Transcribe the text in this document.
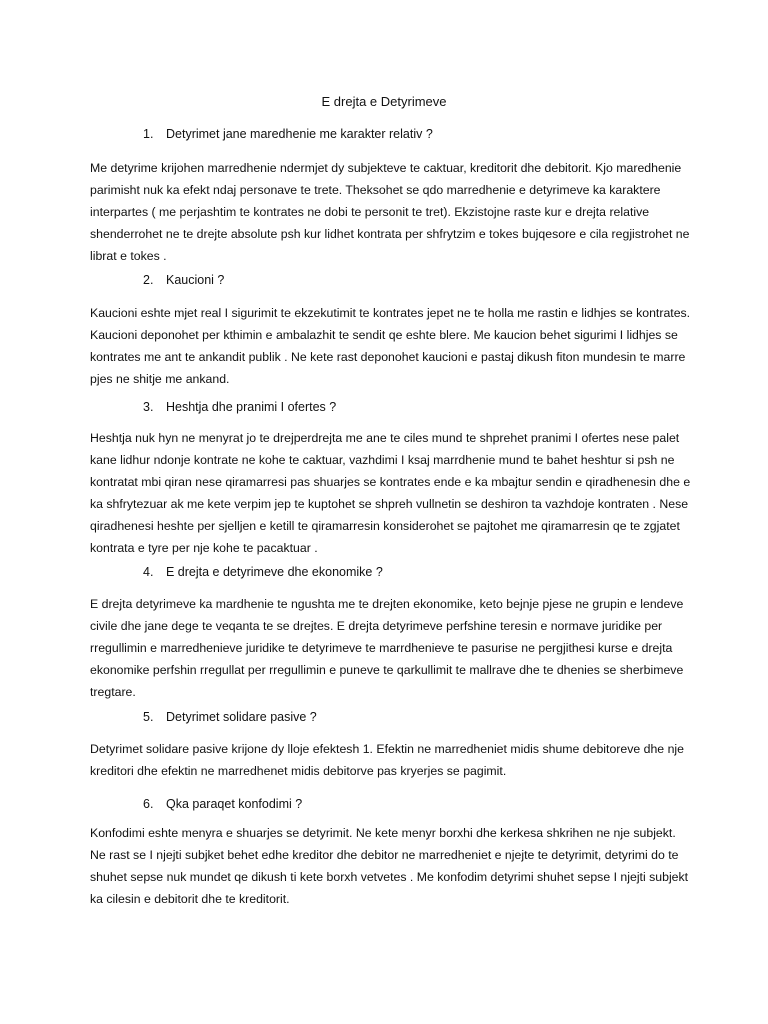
E drejta e Detyrimeve
1. Detyrimet jane maredhenie me karakter relativ ?
Me detyrime krijohen marredhenie ndermjet dy subjekteve te caktuar, kreditorit dhe debitorit. Kjo maredhenie parimisht nuk ka efekt ndaj personave te trete. Theksohet se qdo marredhenie e detyrimeve ka karaktere interpartes ( me perjashtim te kontrates ne dobi te personit te tret). Ekzistojne raste kur e drejta relative shenderrohet ne te drejte absolute psh kur lidhet kontrata per shfrytzim e tokes bujqesore e cila regjistrohet ne librat e tokes .
2. Kaucioni ?
Kaucioni eshte mjet real I sigurimit te ekzekutimit te kontrates jepet ne te holla me rastin e lidhjes se kontrates. Kaucioni deponohet per kthimin e ambalazhit te sendit qe eshte blere. Me kaucion behet sigurimi I lidhjes se kontrates me ant te ankandit publik . Ne kete rast deponohet kaucioni e pastaj dikush fiton mundesin te marre pjes ne shitje me ankand.
3. Heshtja dhe pranimi I ofertes ?
Heshtja nuk hyn ne menyrat jo te drejperdrejta me ane te ciles mund te shprehet pranimi I ofertes nese palet kane lidhur ndonje kontrate ne kohe te caktuar, vazhdimi I ksaj marrdhenie mund te bahet heshtur si psh ne kontratat mbi qiran nese qiramarresi pas shuarjes se kontrates ende e ka mbajtur sendin e qiradhenesin dhe e ka shfrytezuar ak me kete verpim jep te kuptohet se shpreh vullnetin se deshiron ta vazhdoje kontraten . Nese qiradhenesi heshte per sjelljen e ketill te qiramarresin konsiderohet se pajtohet me qiramarresin qe te zgjatet kontrata e tyre per nje kohe te pacaktuar .
4. E drejta e detyrimeve dhe ekonomike ?
E drejta detyrimeve ka mardhenie te ngushta me te drejten ekonomike, keto bejnje pjese ne grupin e lendeve civile dhe jane dege te veqanta te se drejtes. E drejta detyrimeve perfshine teresin e normave juridike per rregullimin e marredhenieve juridike te detyrimeve te marrdhenieve te pasurise ne pergjithesi kurse e drejta ekonomike perfshin rregullat per rregullimin e puneve te qarkullimit te mallrave dhe te dhenies se sherbimeve tregtare.
5. Detyrimet solidare pasive ?
Detyrimet solidare pasive krijone dy lloje efektesh 1. Efektin ne marredheniet midis shume debitoreve dhe nje kreditori dhe efektin ne marredhenet midis debitorve pas kryerjes se pagimit.
6. Qka paraqet konfodimi ?
Konfodimi eshte menyra e shuarjes se detyrimit. Ne kete menyr borxhi dhe kerkesa shkrihen ne nje subjekt. Ne rast se I njejti subjket behet edhe kreditor dhe debitor ne marredheniet e njejte te detyrimit, detyrimi do te shuhet sepse nuk mundet qe dikush ti kete borxh vetvetes . Me konfodim detyrimi shuhet sepse I njejti subjekt ka cilesin e debitorit dhe te kreditorit.
